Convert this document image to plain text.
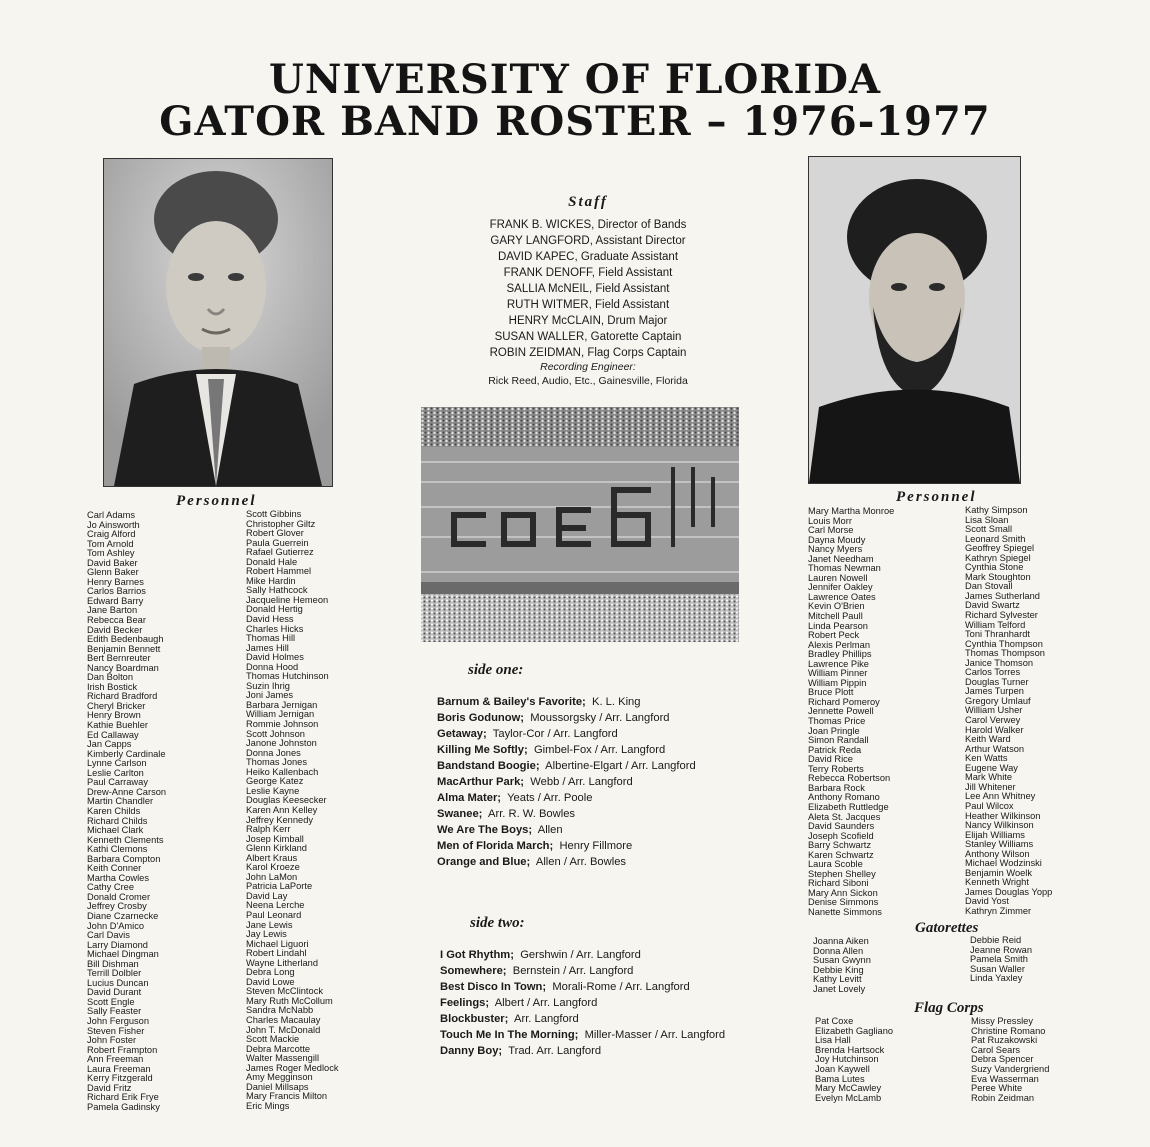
UNIVERSITY OF FLORIDA
GATOR BAND ROSTER – 1976-1977
Staff
FRANK B. WICKES, Director of Bands
GARY LANGFORD, Assistant Director
DAVID KAPEC, Graduate Assistant
FRANK DENOFF, Field Assistant
SALLIA McNEIL, Field Assistant
RUTH WITMER, Field Assistant
HENRY McCLAIN, Drum Major
SUSAN WALLER, Gatorette Captain
ROBIN ZEIDMAN, Flag Corps Captain
Recording Engineer:
Rick Reed, Audio, Etc., Gainesville, Florida
side one:
Barnum & Bailey's Favorite; K. L. King
Boris Godunow; Moussorgsky / Arr. Langford
Getaway; Taylor-Cor / Arr. Langford
Killing Me Softly; Gimbel-Fox / Arr. Langford
Bandstand Boogie; Albertine-Elgart / Arr. Langford
MacArthur Park; Webb / Arr. Langford
Alma Mater; Yeats / Arr. Poole
Swanee; Arr. R. W. Bowles
We Are The Boys; Allen
Men of Florida March; Henry Fillmore
Orange and Blue; Allen / Arr. Bowles
side two:
I Got Rhythm; Gershwin / Arr. Langford
Somewhere; Bernstein / Arr. Langford
Best Disco In Town; Morali-Rome / Arr. Langford
Feelings; Albert / Arr. Langford
Blockbuster; Arr. Langford
Touch Me In The Morning; Miller-Masser / Arr. Langford
Danny Boy; Trad. Arr. Langford
Personnel	Personnel
Carl Adams
Jo Ainsworth
Craig Alford
Tom Arnold
Tom Ashley
David Baker
Glenn Baker
Henry Barnes
Carlos Barrios
Edward Barry
Jane Barton
Rebecca Bear
David Becker
Edith Bedenbaugh
Benjamin Bennett
Bert Bernreuter
Nancy Boardman
Dan Bolton
Irish Bostick
Richard Bradford
Cheryl Bricker
Henry Brown
Kathie Buehler
Ed Callaway
Jan Capps
Kimberly Cardinale
Lynne Carlson
Leslie Carlton
Paul Carraway
Drew-Anne Carson
Martin Chandler
Karen Childs
Richard Childs
Michael Clark
Kenneth Clements
Kathi Clemons
Barbara Compton
Keith Conner
Martha Cowles
Cathy Cree
Donald Cromer
Jeffrey Crosby
Diane Czarnecke
John D'Amico
Carl Davis
Larry Diamond
Michael Dingman
Bill Dishman
Terrill Dolbler
Lucius Duncan
David Durant
Scott Engle
Sally Feaster
John Ferguson
Steven Fisher
John Foster
Robert Frampton
Ann Freeman
Laura Freeman
Kerry Fitzgerald
David Fritz
Richard Erik Frye
Pamela Gadinsky
Scott Gibbins
Christopher Giltz
Robert Glover
Paula Guerrein
Rafael Gutierrez
Donald Hale
Robert Hammel
Mike Hardin
Sally Hathcock
Jacqueline Hemeon
Donald Hertig
David Hess
Charles Hicks
Thomas Hill
James Hill
David Holmes
Donna Hood
Thomas Hutchinson
Suzin Ihrig
Joni James
Barbara Jernigan
William Jernigan
Rommie Johnson
Scott Johnson
Janone Johnston
Donna Jones
Thomas Jones
Heiko Kallenbach
George Katez
Leslie Kayne
Douglas Keesecker
Karen Ann Kelley
Jeffrey Kennedy
Ralph Kerr
Josep Kimball
Glenn Kirkland
Albert Kraus
Karol Kroeze
John LaMon
Patricia LaPorte
David Lay
Neena Lerche
Paul Leonard
Jane Lewis
Jay Lewis
Michael Liguori
Robert Lindahl
Wayne Litherland
Debra Long
David Lowe
Steven McClintock
Mary Ruth McCollum
Sandra McNabb
Charles Macaulay
John T. McDonald
Scott Mackie
Debra Marcotte
Walter Massengill
James Roger Medlock
Amy Megginson
Daniel Millsaps
Mary Francis Milton
Eric Mings
Mary Martha Monroe
Louis Morr
Carl Morse
Dayna Moudy
Nancy Myers
Janet Needham
Thomas Newman
Lauren Nowell
Jennifer Oakley
Lawrence Oates
Kevin O'Brien
Mitchell Paull
Linda Pearson
Robert Peck
Alexis Perlman
Bradley Phillips
Lawrence Pike
William Pinner
William Pippin
Bruce Plott
Richard Pomeroy
Jennette Powell
Thomas Price
Joan Pringle
Simon Randall
Patrick Reda
David Rice
Terry Roberts
Rebecca Robertson
Barbara Rock
Anthony Romano
Elizabeth Ruttledge
Aleta St. Jacques
David Saunders
Joseph Scofield
Barry Schwartz
Karen Schwartz
Laura Scoble
Stephen Shelley
Richard Siboni
Mary Ann Sickon
Denise Simmons
Nanette Simmons
Kathy Simpson
Lisa Sloan
Scott Small
Leonard Smith
Geoffrey Spiegel
Kathryn Spiegel
Cynthia Stone
Mark Stoughton
Dan Stovall
James Sutherland
David Swartz
Richard Sylvester
William Telford
Toni Thranhardt
Cynthia Thompson
Thomas Thompson
Janice Thomson
Carlos Torres
Douglas Turner
James Turpen
Gregory Umlauf
William Usher
Carol Verwey
Harold Walker
Keith Ward
Arthur Watson
Ken Watts
Eugene Way
Mark White
Jill Whitener
Lee Ann Whitney
Paul Wilcox
Heather Wilkinson
Nancy Wilkinson
Elijah Williams
Stanley Williams
Anthony Wilson
Michael Wodzinski
Benjamin Woelk
Kenneth Wright
James Douglas Yopp
David Yost
Kathryn Zimmer
Gatorettes
Joanna Aiken
Donna Allen
Susan Gwynn
Debbie King
Kathy Levitt
Janet Lovely
Debbie Reid
Jeanne Rowan
Pamela Smith
Susan Waller
Linda Yaxley
Flag Corps
Pat Coxe
Elizabeth Gagliano
Lisa Hall
Brenda Hartsock
Joy Hutchinson
Joan Kaywell
Bama Lutes
Mary McCawley
Evelyn McLamb
Missy Pressley
Christine Romano
Pat Ruzakowski
Carol Sears
Debra Spencer
Suzy Vandergriend
Eva Wasserman
Peree White
Robin Zeidman
